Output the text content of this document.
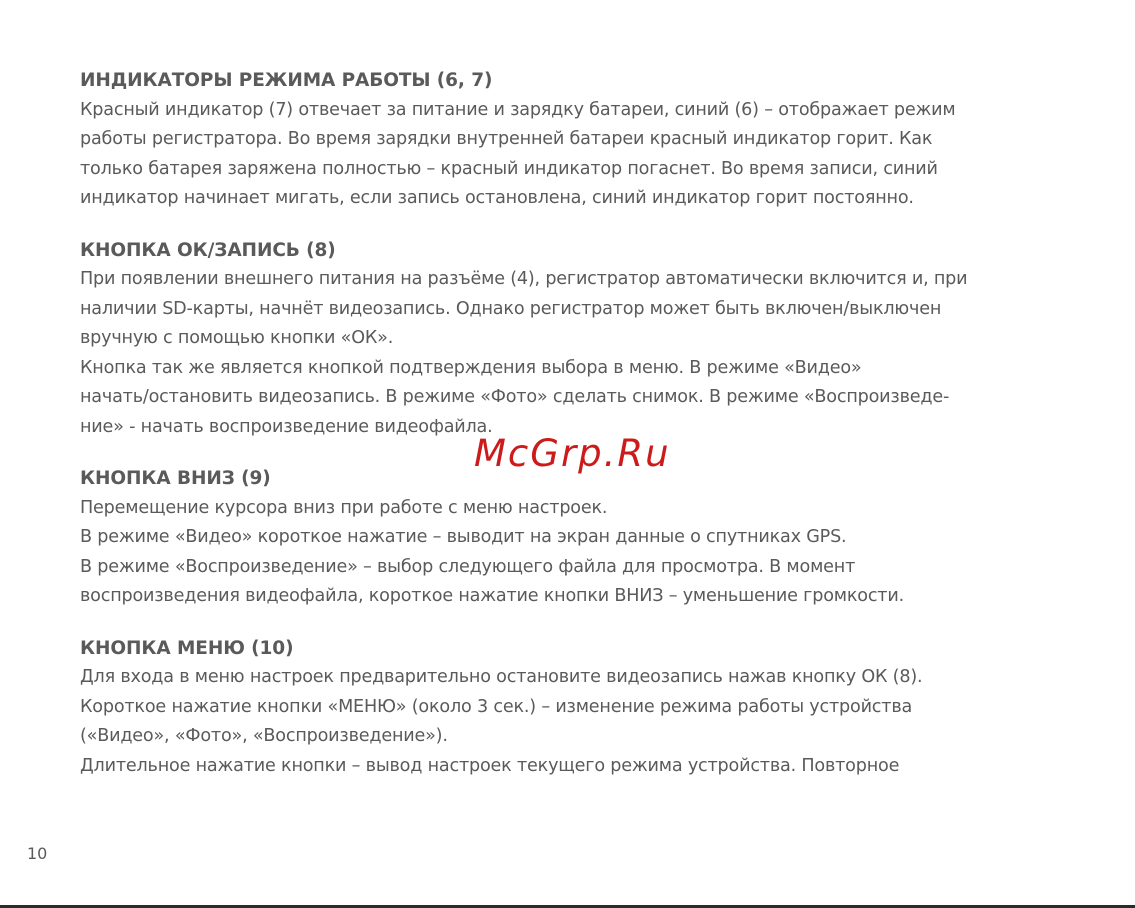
ИНДИКАТОРЫ РЕЖИМА РАБОТЫ (6, 7)
Красный индикатор (7) отвечает за питание и зарядку батареи, синий (6) – отображает режим
работы регистратора. Во время зарядки внутренней батареи красный индикатор горит. Как
только батарея заряжена полностью – красный индикатор погаснет. Во время записи, синий
индикатор начинает мигать, если запись остановлена, синий индикатор горит постоянно.
КНОПКА ОК/ЗАПИСЬ (8)
При появлении внешнего питания на разъёме (4), регистратор автоматически включится и, при
наличии SD-карты, начнёт видеозапись. Однако регистратор может быть включен/выключен
вручную с помощью кнопки «ОК».
Кнопка так же является кнопкой подтверждения выбора в меню. В режиме «Видео»
начать/остановить видеозапись. В режиме «Фото» сделать снимок. В режиме «Воспроизведе-
ние» - начать воспроизведение видеофайла.
КНОПКА ВНИЗ (9)
Перемещение курсора вниз при работе с меню настроек.
В режиме «Видео» короткое нажатие – выводит на экран данные о спутниках GPS.
В режиме «Воспроизведение» – выбор следующего файла для просмотра. В момент
воспроизведения видеофайла, короткое нажатие кнопки ВНИЗ – уменьшение громкости.
КНОПКА МЕНЮ (10)
Для входа в меню настроек предварительно остановите видеозапись нажав кнопку ОК (8).
Короткое нажатие кнопки «МЕНЮ» (около 3 сек.) – изменение режима работы устройства
(«Видео», «Фото», «Воспроизведение»).
Длительное нажатие кнопки – вывод настроек текущего режима устройства. Повторное
McGrp.Ru
10
